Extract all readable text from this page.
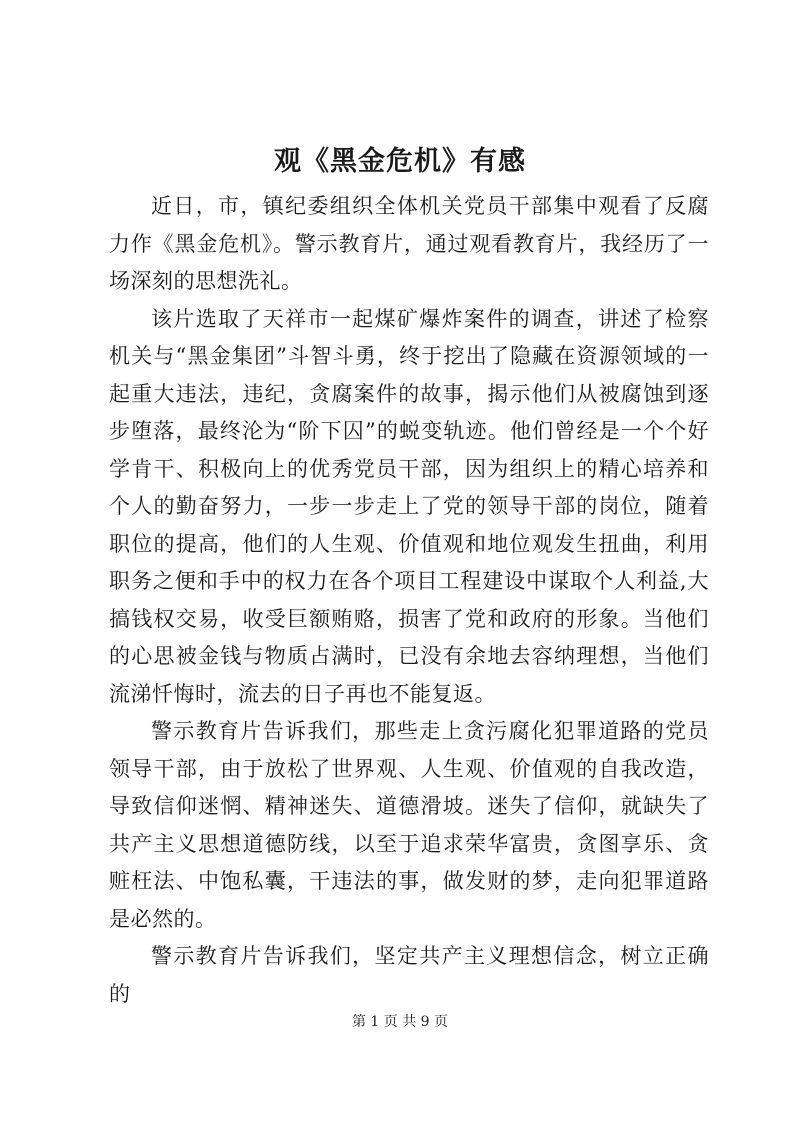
观《黑金危机》有感

近日，市，镇纪委组织全体机关党员干部集中观看了反腐力作《黑金危机》。警示教育片，通过观看教育片，我经历了一场深刻的思想洗礼。

该片选取了天祥市一起煤矿爆炸案件的调查，讲述了检察机关与“黑金集团”斗智斗勇，终于挖出了隐藏在资源领域的一起重大违法，违纪，贪腐案件的故事，揭示他们从被腐蚀到逐步堕落，最终沦为“阶下囚”的蜕变轨迹。他们曾经是一个个好学肯干、积极向上的优秀党员干部，因为组织上的精心培养和个人的勤奋努力，一步一步走上了党的领导干部的岗位，随着职位的提高，他们的人生观、价值观和地位观发生扭曲，利用职务之便和手中的权力在各个项目工程建设中谋取个人利益,大搞钱权交易，收受巨额贿赂，损害了党和政府的形象。当他们的心思被金钱与物质占满时，已没有余地去容纳理想，当他们流涕忏悔时，流去的日子再也不能复返。

警示教育片告诉我们，那些走上贪污腐化犯罪道路的党员领导干部，由于放松了世界观、人生观、价值观的自我改造，导致信仰迷惘、精神迷失、道德滑坡。迷失了信仰，就缺失了共产主义思想道德防线，以至于追求荣华富贵，贪图享乐、贪赃枉法、中饱私囊，干违法的事，做发财的梦，走向犯罪道路是必然的。

警示教育片告诉我们，坚定共产主义理想信念，树立正确的

第 1 页 共 9 页
